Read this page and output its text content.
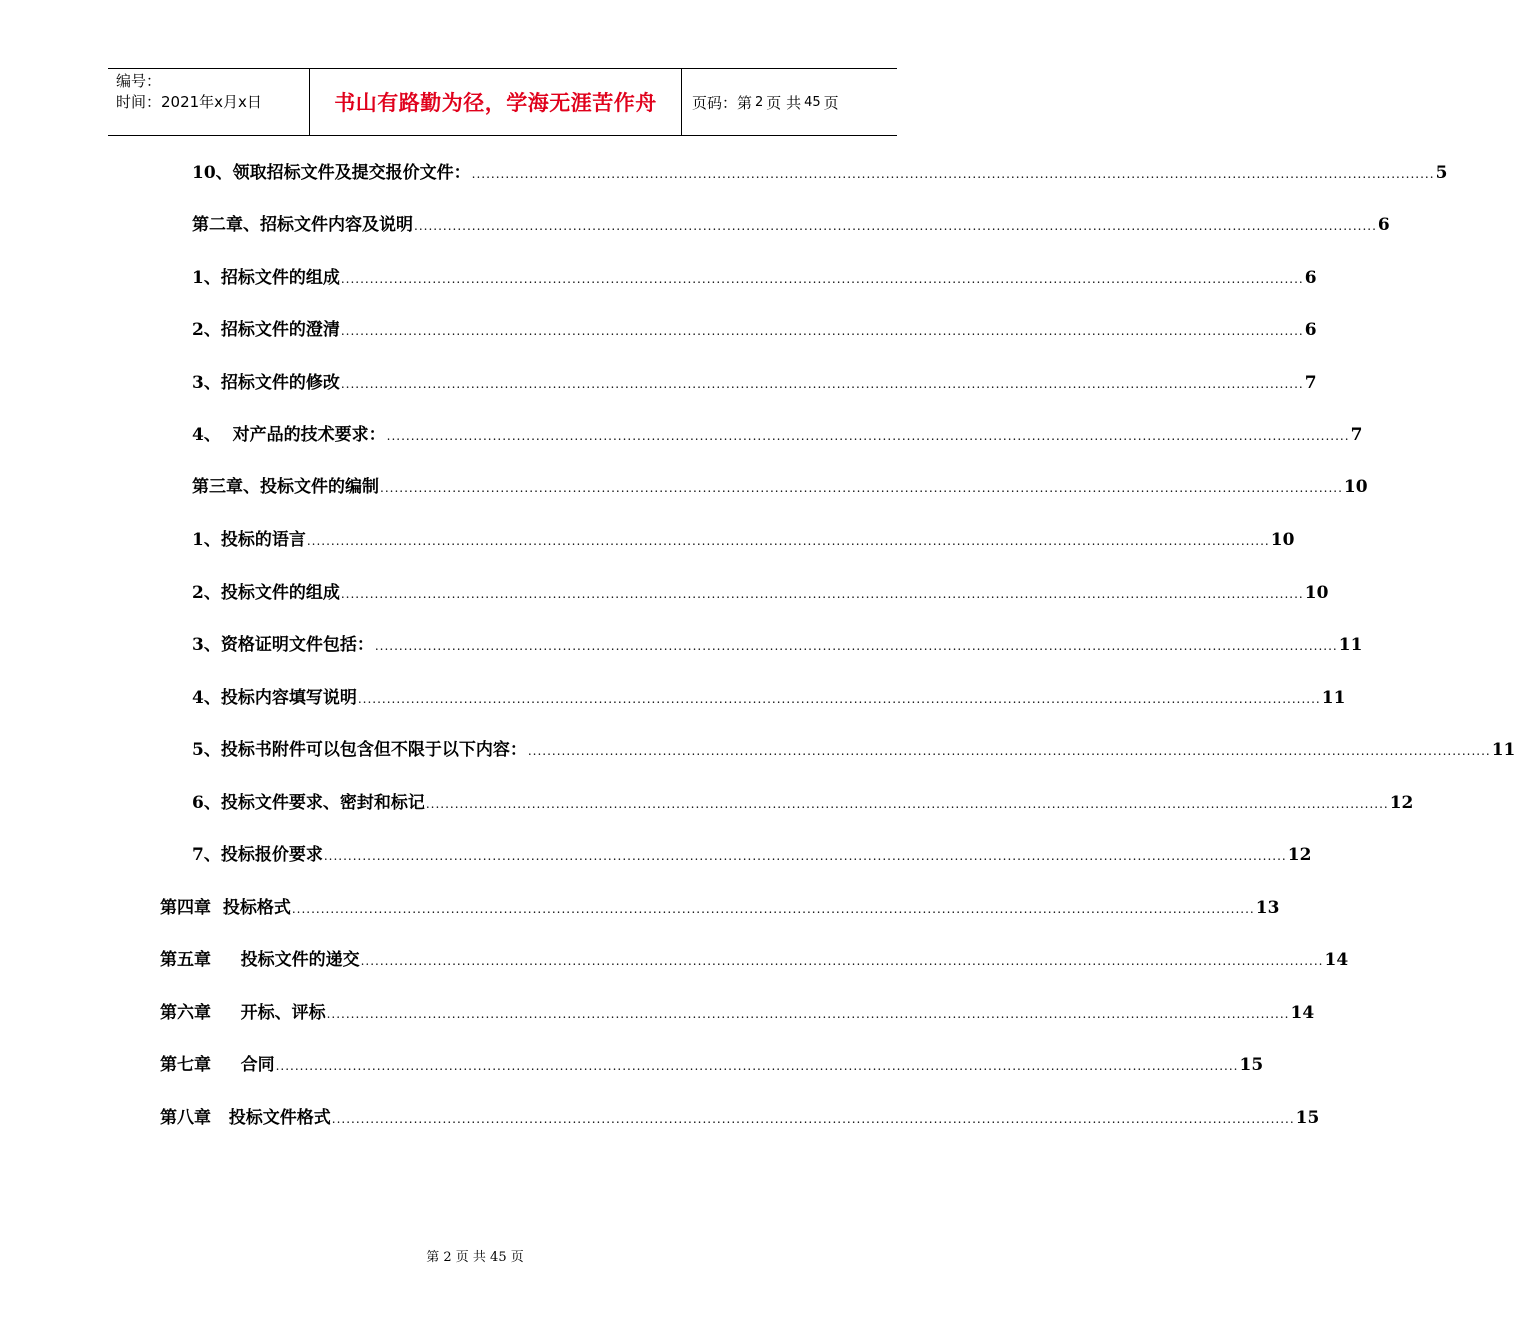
编号：
时间：2021年x月x日	书山有路勤为径，学海无涯苦作舟	页码：第 2 页 共 45 页
10、领取招标文件及提交报价文件： ........................................................................................................................................................................................................ 5
第二章、招标文件内容及说明 ........................................................................................................................................................................................................ 6
1、招标文件的组成 ........................................................................................................................................................................................................ 6
2、招标文件的澄清 ........................................................................................................................................................................................................ 6
3、招标文件的修改 ........................................................................................................................................................................................................ 7
4、  对产品的技术要求： ........................................................................................................................................................................................................ 7
第三章、投标文件的编制 ........................................................................................................................................................................................................ 10
1、投标的语言 ........................................................................................................................................................................................................ 10
2、投标文件的组成 ........................................................................................................................................................................................................ 10
3、资格证明文件包括： ........................................................................................................................................................................................................ 11
4、投标内容填写说明 ........................................................................................................................................................................................................ 11
5、投标书附件可以包含但不限于以下内容： ........................................................................................................................................................................................................ 11
6、投标文件要求、密封和标记 ........................................................................................................................................................................................................ 12
7、投标报价要求 ........................................................................................................................................................................................................ 12
第四章  投标格式 ........................................................................................................................................................................................................ 13
第五章     投标文件的递交 ........................................................................................................................................................................................................ 14
第六章     开标、评标 ........................................................................................................................................................................................................ 14
第七章     合同 ........................................................................................................................................................................................................ 15
第八章   投标文件格式 ........................................................................................................................................................................................................ 15
第 2 页 共 45 页
